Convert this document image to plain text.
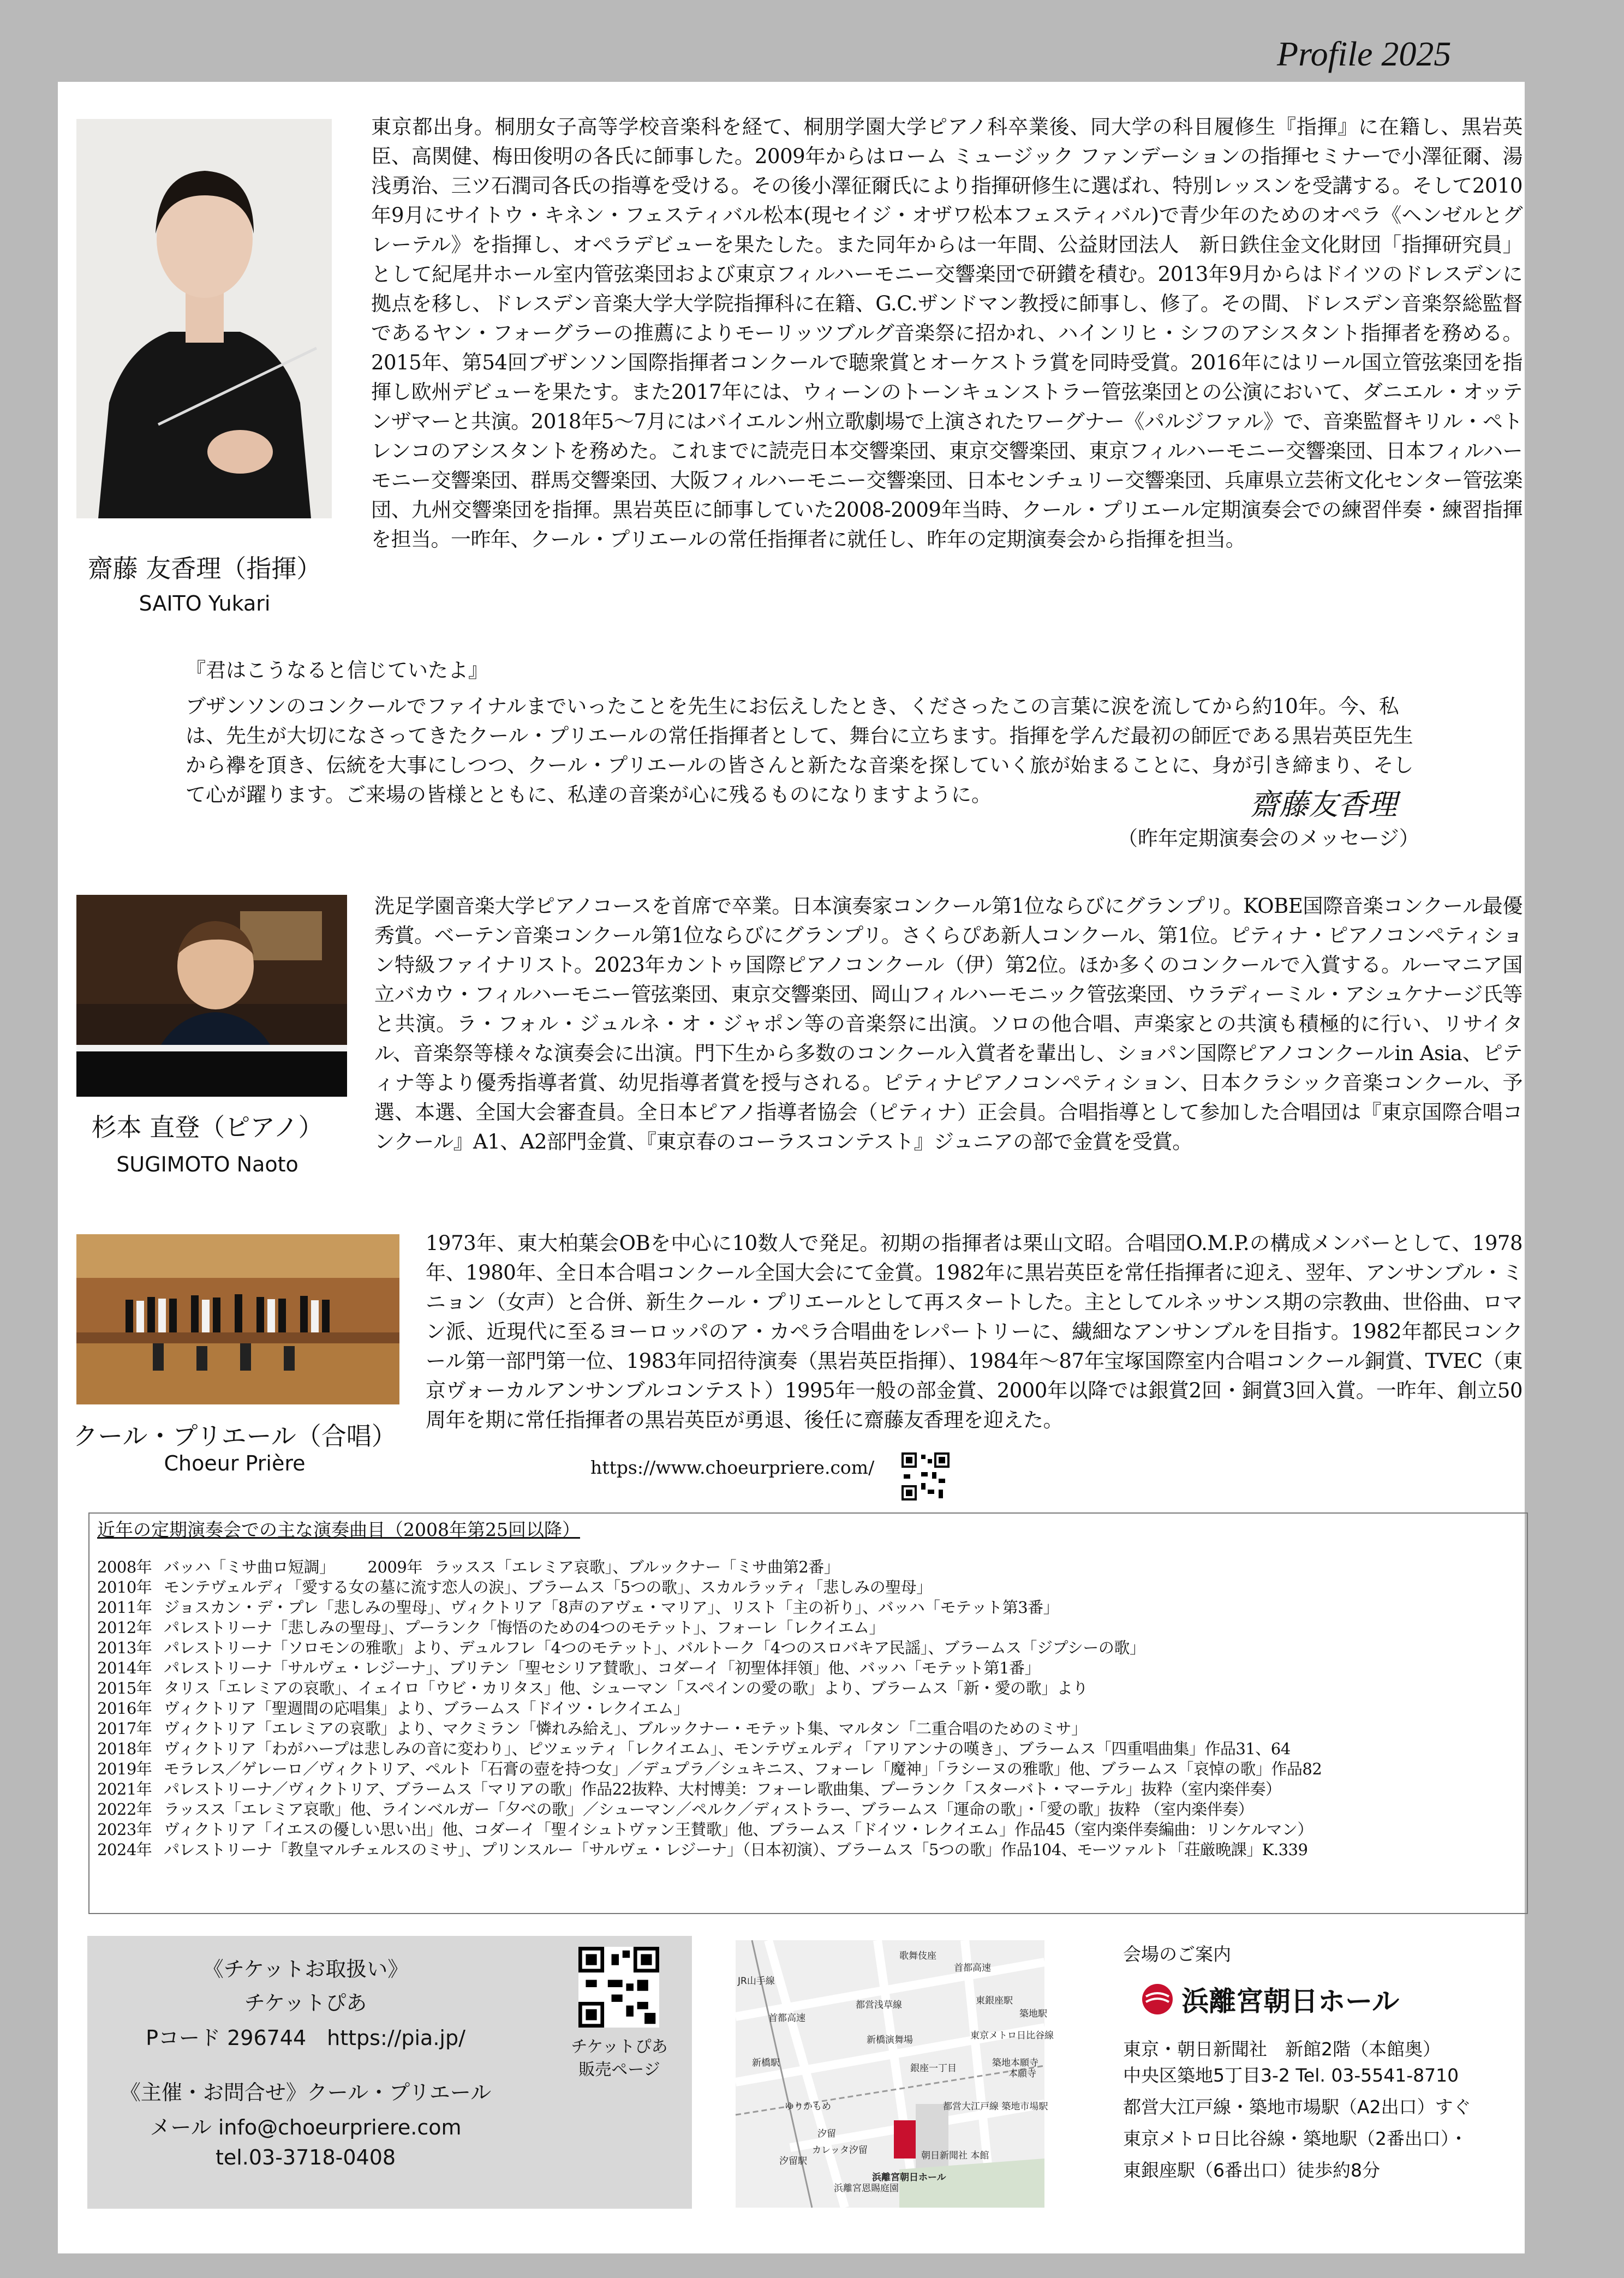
Profile 2025
齋藤 友香理（指揮）
SAITO Yukari
東京都出身。桐朋女子高等学校音楽科を経て、桐朋学園大学ピアノ科卒業後、同大学の科目履修生『指揮』に在籍し、黒岩英臣、高関健、梅田俊明の各氏に師事した。2009年からはローム ミュージック ファンデーションの指揮セミナーで小澤征爾、湯浅勇治、三ツ石潤司各氏の指導を受ける。その後小澤征爾氏により指揮研修生に選ばれ、特別レッスンを受講する。そして2010年9月にサイトウ・キネン・フェスティバル松本(現セイジ・オザワ松本フェスティバル)で青少年のためのオペラ《ヘンゼルとグレーテル》を指揮し、オペラデビューを果たした。また同年からは一年間、公益財団法人　新日鉄住金文化財団「指揮研究員」として紀尾井ホール室内管弦楽団および東京フィルハーモニー交響楽団で研鑚を積む。2013年9月からはドイツのドレスデンに拠点を移し、ドレスデン音楽大学大学院指揮科に在籍、G.C.ザンドマン教授に師事し、修了。その間、ドレスデン音楽祭総監督であるヤン・フォーグラーの推薦によりモーリッツブルグ音楽祭に招かれ、ハインリヒ・シフのアシスタント指揮者を務める。2015年、第54回ブザンソン国際指揮者コンクールで聴衆賞とオーケストラ賞を同時受賞。2016年にはリール国立管弦楽団を指揮し欧州デビューを果たす。また2017年には、ウィーンのトーンキュンストラー管弦楽団との公演において、ダニエル・オッテンザマーと共演。2018年5～7月にはバイエルン州立歌劇場で上演されたワーグナー《パルジファル》で、音楽監督キリル・ペトレンコのアシスタントを務めた。これまでに読売日本交響楽団、東京交響楽団、東京フィルハーモニー交響楽団、日本フィルハーモニー交響楽団、群馬交響楽団、大阪フィルハーモニー交響楽団、日本センチュリー交響楽団、兵庫県立芸術文化センター管弦楽団、九州交響楽団を指揮。黒岩英臣に師事していた2008-2009年当時、クール・プリエール定期演奏会での練習伴奏・練習指揮を担当。一昨年、クール・プリエールの常任指揮者に就任し、昨年の定期演奏会から指揮を担当。
『君はこうなると信じていたよ』
ブザンソンのコンクールでファイナルまでいったことを先生にお伝えしたとき、くださったこの言葉に涙を流してから約10年。今、私は、先生が大切になさってきたクール・プリエールの常任指揮者として、舞台に立ちます。指揮を学んだ最初の師匠である黒岩英臣先生から襷を頂き、伝統を大事にしつつ、クール・プリエールの皆さんと新たな音楽を探していく旅が始まることに、身が引き締まり、そして心が躍ります。ご来場の皆様とともに、私達の音楽が心に残るものになりますように。	齋藤友香理
（昨年定期演奏会のメッセージ）
杉本 直登（ピアノ）
SUGIMOTO Naoto
洗足学園音楽大学ピアノコースを首席で卒業。日本演奏家コンクール第1位ならびにグランプリ。KOBE国際音楽コンクール最優秀賞。ベーテン音楽コンクール第1位ならびにグランプリ。さくらぴあ新人コンクール、第1位。ピティナ・ピアノコンペティション特級ファイナリスト。2023年カントゥ国際ピアノコンクール（伊）第2位。ほか多くのコンクールで入賞する。ルーマニア国立バカウ・フィルハーモニー管弦楽団、東京交響楽団、岡山フィルハーモニック管弦楽団、ウラディーミル・アシュケナージ氏等と共演。ラ・フォル・ジュルネ・オ・ジャポン等の音楽祭に出演。ソロの他合唱、声楽家との共演も積極的に行い、リサイタル、音楽祭等様々な演奏会に出演。門下生から多数のコンクール入賞者を輩出し、ショパン国際ピアノコンクールin Asia、ピティナ等より優秀指導者賞、幼児指導者賞を授与される。ピティナピアノコンペティション、日本クラシック音楽コンクール、予選、本選、全国大会審査員。全日本ピアノ指導者協会（ピティナ）正会員。合唱指導として参加した合唱団は『東京国際合唱コンクール』A1、A2部門金賞、『東京春のコーラスコンテスト』ジュニアの部で金賞を受賞。
クール・プリエール（合唱）
Choeur Prière
1973年、東大柏葉会OBを中心に10数人で発足。初期の指揮者は栗山文昭。合唱団O.M.P.の構成メンバーとして、1978年、1980年、全日本合唱コンクール全国大会にて金賞。1982年に黒岩英臣を常任指揮者に迎え、翌年、アンサンブル・ミニョン（女声）と合併、新生クール・プリエールとして再スタートした。主としてルネッサンス期の宗教曲、世俗曲、ロマン派、近現代に至るヨーロッパのア・カペラ合唱曲をレパートリーに、繊細なアンサンブルを目指す。1982年都民コンクール第一部門第一位、1983年同招待演奏（黒岩英臣指揮）、1984年～87年宝塚国際室内合唱コンクール銅賞、TVEC（東京ヴォーカルアンサンブルコンテスト）1995年一般の部金賞、2000年以降では銀賞2回・銅賞3回入賞。一昨年、創立50周年を期に常任指揮者の黒岩英臣が勇退、後任に齋藤友香理を迎えた。
https://www.choeurpriere.com/
近年の定期演奏会での主な演奏曲目（2008年第25回以降）
2008年 バッハ「ミサ曲ロ短調」 2009年 ラッスス「エレミア哀歌」、ブルックナー「ミサ曲第2番」
2010年 モンテヴェルディ「愛する女の墓に流す恋人の涙」、ブラームス「5つの歌」、スカルラッティ「悲しみの聖母」
2011年 ジョスカン・デ・プレ「悲しみの聖母」、ヴィクトリア「8声のアヴェ・マリア」、リスト「主の祈り」、バッハ「モテット第3番」
2012年 パレストリーナ「悲しみの聖母」、プーランク「悔悟のための4つのモテット」、フォーレ「レクイエム」
2013年 パレストリーナ「ソロモンの雅歌」より、デュルフレ「4つのモテット」、バルトーク「4つのスロバキア民謡」、ブラームス「ジプシーの歌」
2014年 パレストリーナ「サルヴェ・レジーナ」、ブリテン「聖セシリア賛歌」、コダーイ「初聖体拝領」他、バッハ「モテット第1番」
2015年 タリス「エレミアの哀歌」、イェイロ「ウビ・カリタス」他、シューマン「スペインの愛の歌」より、ブラームス「新・愛の歌」より
2016年 ヴィクトリア「聖週間の応唱集」より、ブラームス「ドイツ・レクイエム」
2017年 ヴィクトリア「エレミアの哀歌」より、マクミラン「憐れみ給え」、ブルックナー・モテット集、マルタン「二重合唱のためのミサ」
2018年 ヴィクトリア「わがハープは悲しみの音に変わり」、ピツェッティ「レクイエム」、モンテヴェルディ「アリアンナの嘆き」、ブラームス「四重唱曲集」作品31、64
2019年 モラレス／ゲレーロ／ヴィクトリア、ペルト「石膏の壺を持つ女」／デュプラ／シュキニス、フォーレ「魔神」「ラシーヌの雅歌」他、ブラームス「哀悼の歌」作品82
2021年 パレストリーナ／ヴィクトリア、ブラームス「マリアの歌」作品22抜粋、大村博美：フォーレ歌曲集、プーランク「スターバト・マーテル」抜粋（室内楽伴奏）
2022年 ラッスス「エレミア哀歌」他、ラインベルガー「夕べの歌」／シューマン／ペルク／ディストラー、ブラームス「運命の歌」・「愛の歌」抜粋 （室内楽伴奏）
2023年 ヴィクトリア「イエスの優しい思い出」他、コダーイ「聖イシュトヴァン王賛歌」他、ブラームス「ドイツ・レクイエム」作品45（室内楽伴奏編曲：リンケルマン）
2024年 パレストリーナ「教皇マルチェルスのミサ」、プリンスルー「サルヴェ・レジーナ」（日本初演）、ブラームス「5つの歌」作品104、モーツァルト「荘厳晩課」K.339
《チケットお取扱い》
チケットぴあ
Pコード 296744　https://pia.jp/
《主催・お問合せ》クール・プリエール
メール info@choeurpriere.com
tel.03-3718-0408
チケットぴあ
販売ページ
歌舞伎座
首都高速
東銀座駅
都営浅草線
JR山手線
東京メトロ日比谷線
築地駅
首都高速
新橋演舞場
新橋駅
ゆりかもめ
汐留
朝日新聞社 本館
都営大江戸線 築地市場駅
浜離宮朝日ホール
浜離宮恩賜庭園
カレッタ汐留
築地本願寺
本願寺
銀座一丁目
汐留駅
会場のご案内
浜離宮朝日ホール
東京・朝日新聞社　新館2階（本館奥）
中央区築地5丁目3-2 Tel. 03-5541-8710
都営大江戸線・築地市場駅（A2出口）すぐ
東京メトロ日比谷線・築地駅（2番出口）・
東銀座駅（6番出口）徒歩約8分
